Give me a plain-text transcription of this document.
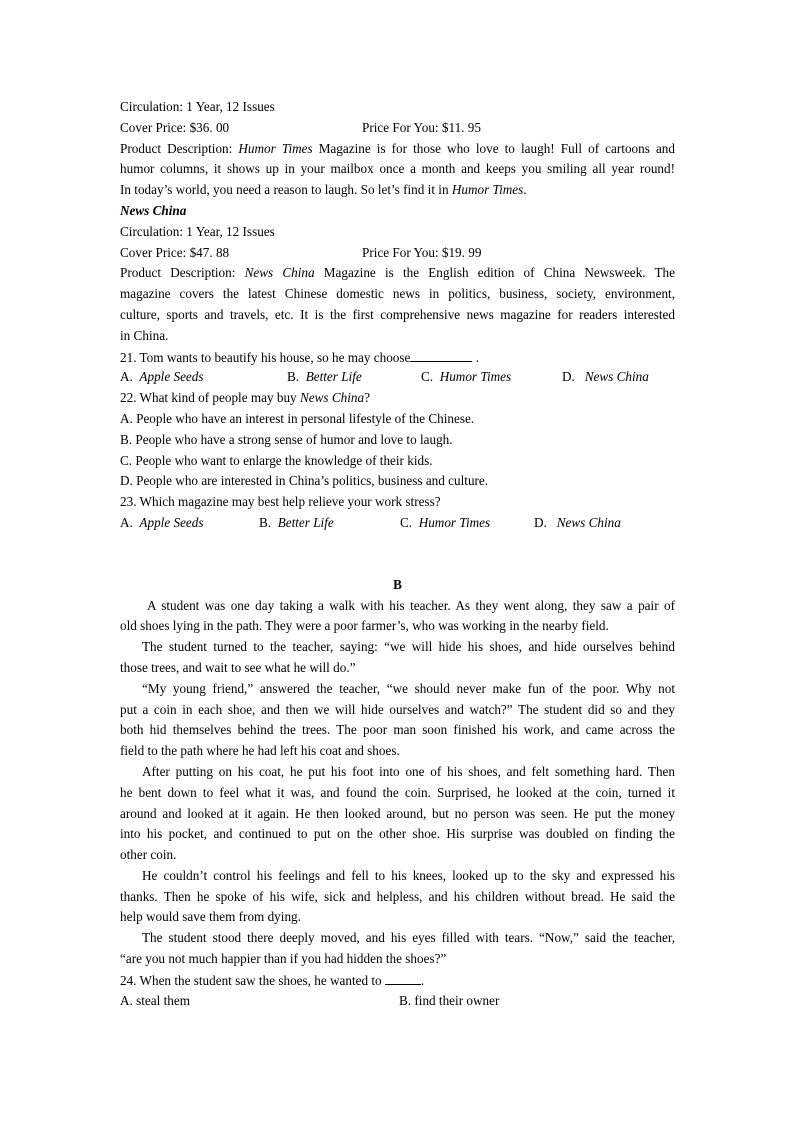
Circulation: 1 Year, 12 Issues
Cover Price: $36. 00	Price For You: $11. 95
Product Description: Humor Times Magazine is for those who love to laugh! Full of cartoons and
humor columns, it shows up in your mailbox once a month and keeps you smiling all year round!
In today’s world, you need a reason to laugh. So let’s find it in Humor Times.
News China
Circulation: 1 Year, 12 Issues
Cover Price: $47. 88	Price For You: $19. 99
Product Description: News China Magazine is the English edition of China Newsweek. The
magazine covers the latest Chinese domestic news in politics, business, society, environment,
culture, sports and travels, etc. It is the first comprehensive news magazine for readers interested
in China.
21. Tom wants to beautify his house, so he may choose	.
A. Apple Seeds	B. Better Life	C. Humor Times	D. News China
22. What kind of people may buy News China?
A. People who have an interest in personal lifestyle of the Chinese.
B. People who have a strong sense of humor and love to laugh.
C. People who want to enlarge the knowledge of their kids.
D. People who are interested in China’s politics, business and culture.
23. Which magazine may best help relieve your work stress?
A. Apple Seeds	B. Better Life	C. Humor Times	D. News China
B
A student was one day taking a walk with his teacher. As they went along, they saw a pair of
old shoes lying in the path. They were a poor farmer’s, who was working in the nearby field.
The student turned to the teacher, saying: “we will hide his shoes, and hide ourselves behind
those trees, and wait to see what he will do.”
“My young friend,” answered the teacher, “we should never make fun of the poor. Why not
put a coin in each shoe, and then we will hide ourselves and watch?” The student did so and they
both hid themselves behind the trees. The poor man soon finished his work, and came across the
field to the path where he had left his coat and shoes.
After putting on his coat, he put his foot into one of his shoes, and felt something hard. Then
he bent down to feel what it was, and found the coin. Surprised, he looked at the coin, turned it
around and looked at it again. He then looked around, but no person was seen. He put the money
into his pocket, and continued to put on the other shoe. His surprise was doubled on finding the
other coin.
He couldn’t control his feelings and fell to his knees, looked up to the sky and expressed his
thanks. Then he spoke of his wife, sick and helpless, and his children without bread. He said the
help would save them from dying.
The student stood there deeply moved, and his eyes filled with tears. “Now,” said the teacher,
“are you not much happier than if you had hidden the shoes?”
24. When the student saw the shoes, he wanted to	.
A. steal them	B. find their owner
